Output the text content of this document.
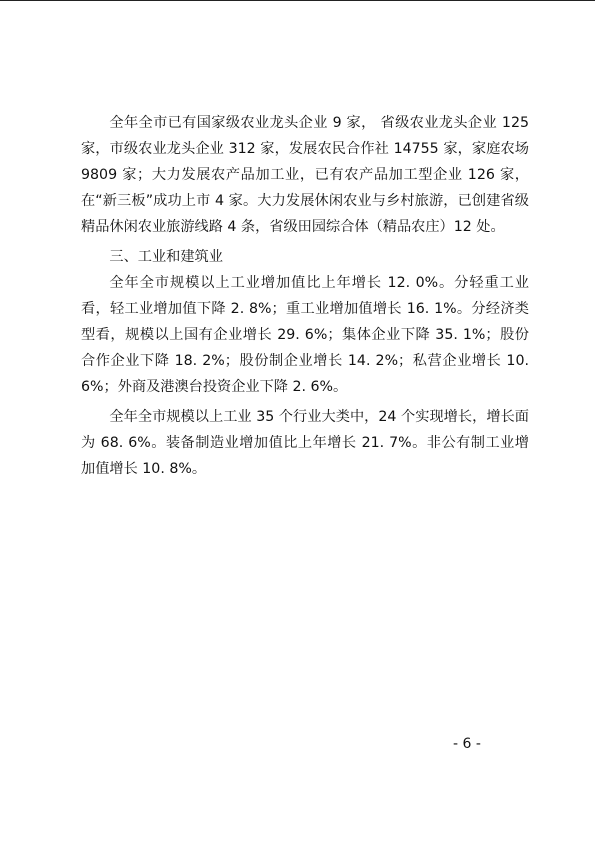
全年全市已有国家级农业龙头企业 9 家， 省级农业龙头企业 125 家，市级农业龙头企业 312 家，发展农民合作社 14755 家，家庭农场 9809 家；大力发展农产品加工业，已有农产品加工型企业 126 家，在“新三板”成功上市 4 家。大力发展休闲农业与乡村旅游，已创建省级精品休闲农业旅游线路 4 条，省级田园综合体（精品农庄）12 处。

三、工业和建筑业

全年全市规模以上工业增加值比上年增长 12. 0%。分轻重工业看，轻工业增加值下降 2. 8%；重工业增加值增长 16. 1%。分经济类型看，规模以上国有企业增长 29. 6%；集体企业下降 35. 1%；股份合作企业下降 18. 2%；股份制企业增长 14. 2%；私营企业增长 10. 6%；外商及港澳台投资企业下降 2. 6%。

全年全市规模以上工业 35 个行业大类中，24 个实现增长，增长面为 68. 6%。装备制造业增加值比上年增长 21. 7%。非公有制工业增加值增长 10. 8%。

- 6 -
